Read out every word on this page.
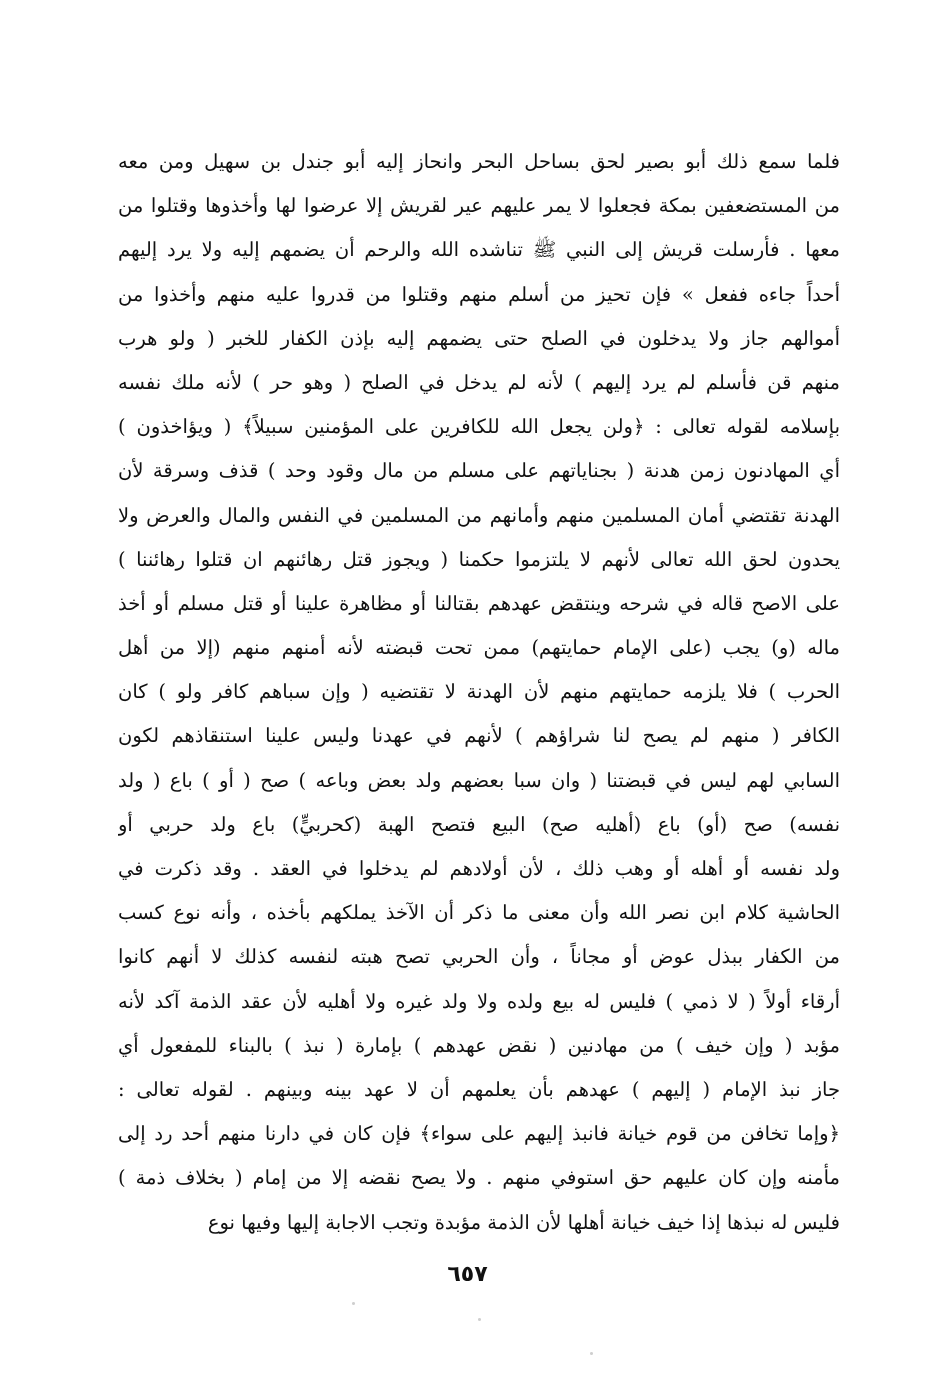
فلما سمع ذلك أبو بصير لحق بساحل البحر وانحاز إليه أبو جندل بن سهيل ومن معه
من المستضعفين بمكة فجعلوا لا يمر عليهم عير لقريش إلا عرضوا لها وأخذوها وقتلوا من
معها . فأرسلت قريش إلى النبي ﷺ تناشده الله والرحم أن يضمهم إليه ولا يرد إليهم
أحداً جاءه ففعل » فإن تحيز من أسلم منهم وقتلوا من قدروا عليه منهم وأخذوا من
أموالهم جاز ولا يدخلون في الصلح حتى يضمهم إليه بإذن الكفار للخبر ( ولو هرب
منهم قن فأسلم لم يرد إليهم ) لأنه لم يدخل في الصلح ( وهو حر ) لأنه ملك نفسه
بإسلامه لقوله تعالى : ﴿ولن يجعل الله للكافرين على المؤمنين سبيلاً﴾ ( ويؤاخذون )
أي المهادنون زمن هدنة ( بجناياتهم على مسلم من مال وقود وحد ) قذف وسرقة لأن
الهدنة تقتضي أمان المسلمين منهم وأمانهم من المسلمين في النفس والمال والعرض ولا
يحدون لحق الله تعالى لأنهم لا يلتزموا حكمنا ( ويجوز قتل رهائنهم ان قتلوا رهائننا )
على الاصح قاله في شرحه وينتقض عهدهم بقتالنا أو مظاهرة علينا أو قتل مسلم أو أخذ
ماله (و) يجب (على الإمام حمايتهم) ممن تحت قبضته لأنه أمنهم منهم (إلا من أهل
الحرب ) فلا يلزمه حمايتهم منهم لأن الهدنة لا تقتضيه ( وإن سباهم كافر ولو ) كان
الكافر ( منهم لم يصح لنا شراؤهم ) لأنهم في عهدنا وليس علينا استنقاذهم لكون
السابي لهم ليس في قبضتنا ( وان سبا بعضهم ولد بعض وباعه ) صح ( أو ) باع ( ولد
نفسه) صح (أو) باع (أهليه صح) البيع فتصح الهبة (كحربيٍّ) باع ولد حربي أو
ولد نفسه أو أهله أو وهب ذلك ، لأن أولادهم لم يدخلوا في العقد . وقد ذكرت في
الحاشية كلام ابن نصر الله وأن معنى ما ذكر أن الآخذ يملكهم بأخذه ، وأنه نوع كسب
من الكفار ببذل عوض أو مجاناً ، وأن الحربي تصح هبته لنفسه كذلك لا أنهم كانوا
أرقاء أولاً ( لا ذمي ) فليس له بيع ولده ولا ولد غيره ولا أهليه لأن عقد الذمة آكد لأنه
مؤبد ( وإن خيف ) من مهادنين ( نقض عهدهم ) بإمارة ( نبذ ) بالبناء للمفعول أي
جاز نبذ الإمام ( إليهم ) عهدهم بأن يعلمهم أن لا عهد بينه وبينهم . لقوله تعالى :
﴿وإما تخافن من قوم خيانة فانبذ إليهم على سواء﴾ فإن كان في دارنا منهم أحد رد إلى
مأمنه وإن كان عليهم حق استوفي منهم . ولا يصح نقضه إلا من إمام ( بخلاف ذمة )
فليس له نبذها إذا خيف خيانة أهلها لأن الذمة مؤبدة وتجب الاجابة إليها وفيها نوع
٦٥٧
